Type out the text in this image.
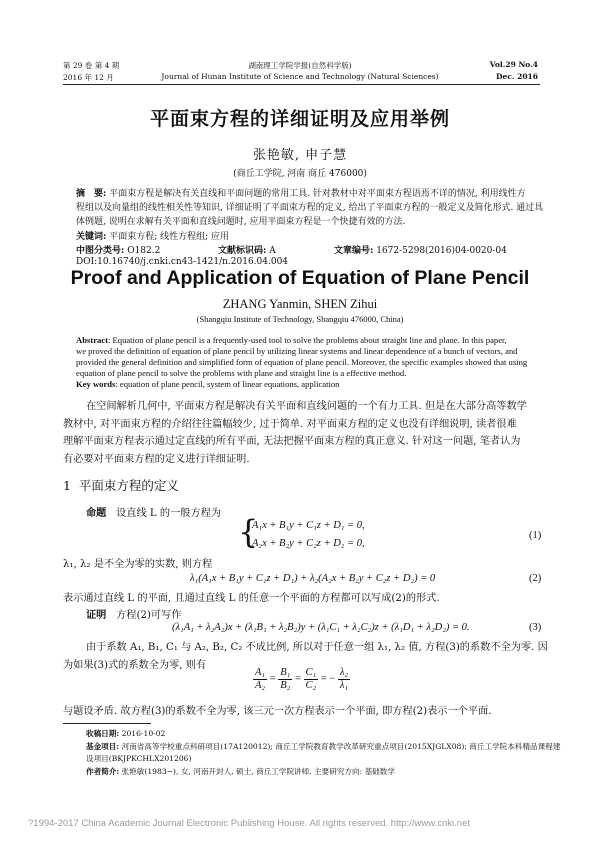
第 29 卷 第 4 期
2016 年 12 月
湖南理工学院学报(自然科学版)
Journal of Hunan Institute of Science and Technology (Natural Sciences)
Vol.29 No.4
Dec. 2016
平面束方程的详细证明及应用举例
张艳敏, 申子慧
(商丘工学院, 河南 商丘 476000)
摘　要: 平面束方程是解决有关直线和平面问题的常用工具. 针对教材中对平面束方程语焉不详的情况, 利用线性方
程组以及向量组的线性相关性等知识, 详细证明了平面束方程的定义, 给出了平面束方程的一般定义及简化形式. 通过具
体例题, 说明在求解有关平面和直线问题时, 应用平面束方程是一个快捷有效的方法.
关键词: 平面束方程; 线性方程组; 应用
中图分类号: O182.2	文献标识码: A	文章编号: 1672-5298(2016)04-0020-04
DOI:10.16740/j.cnki.cn43-1421/n.2016.04.004
Proof and Application of Equation of Plane Pencil
ZHANG Yanmin, SHEN Zihui
(Shangqiu Institute of Technology, Shangqiu 476000, China)
Abstract: Equation of plane pencil is a frequently-used tool to solve the problems about straight line and plane. In this paper,
we proved the definition of equation of plane pencil by utilizing linear systems and linear dependence of a bunch of vectors, and
provided the general definition and simplified form of equation of plane pencil. Moreover, the specific examples showed that using
equation of plane pencil to solve the problems with plane and straight line is a effective method.
Key words: equation of plane pencil, system of linear equations, application
在空间解析几何中, 平面束方程是解决有关平面和直线问题的一个有力工具. 但是在大部分高等数学
教材中, 对平面束方程的介绍往往篇幅较少, 过于简单. 对平面束方程的定义也没有详细说明, 读者很难
理解平面束方程表示通过定直线的所有平面, 无法把握平面束方程的真正意义. 针对这一问题, 笔者认为
有必要对平面束方程的定义进行详细证明.
1 平面束方程的定义
命题 设直线 L 的一般方程为 {
A₁x + B₁y + C₁z + D₁ = 0,
A₂x + B₂y + C₂z + D₂ = 0,
(1)
λ₁, λ₂ 是不全为零的实数, 则方程
λ₁(A₁x + B₁y + C₁z + D₁) + λ₂(A₂x + B₂y + C₂z + D₂) = 0	(2)
表示通过直线 L 的平面, 且通过直线 L 的任意一个平面的方程都可以写成(2)的形式.
证明 方程(2)可写作
(λ₁A₁ + λ₂A₂)x + (λ₁B₁ + λ₂B₂)y + (λ₁C₁ + λ₂C₂)z + (λ₁D₁ + λ₂D₂) = 0.	(3)
由于系数 A₁, B₁, C₁ 与 A₂, B₂, C₂ 不成比例, 所以对于任意一组 λ₁, λ₂ 值, 方程(3)的系数不全为零. 因
为如果(3)式的系数全为零, 则有
$\frac{\text{A₁}}{\text{A₂}} = \frac{\text{B₁}}{\text{B₂}} = \frac{\text{C₁}}{\text{C₂}}$ = − $\frac{\text{λ₂}}{\text{λ₁}}$
与题设矛盾. 故方程(3)的系数不全为零, 该三元一次方程表示一个平面, 即方程(2)表示一个平面.
收稿日期: 2016-10-02
基金项目: 河南省高等学校重点科研项目(17A120012); 商丘工学院教育教学改革研究重点项目(2015XJGLX08); 商丘工学院本科精品课程建
设项目(BKJPKCHLX201206)
作者简介: 张艳敏(1983−), 女, 河南开封人, 硕士, 商丘工学院讲师. 主要研究方向: 基础数学
?1994-2017 China Academic Journal Electronic Publishing House. All rights reserved. http://www.cnki.net
